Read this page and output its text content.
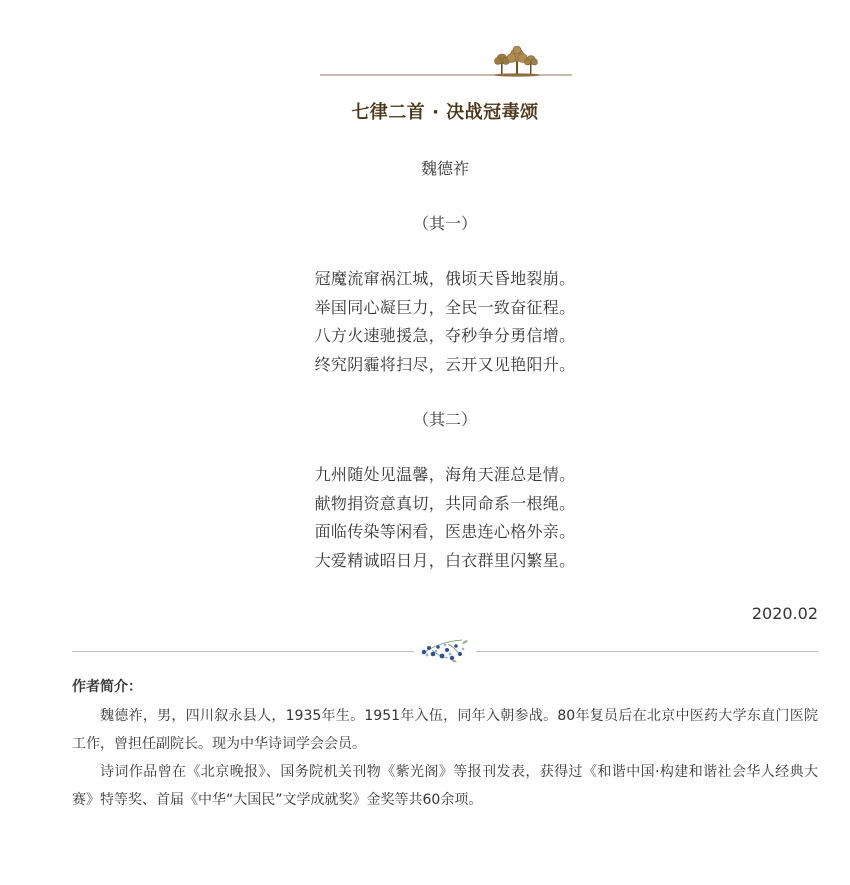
七律二首 · 决战冠毒颂
魏德祚
（其一）
冠魔流窜祸江城，俄顷天昏地裂崩。
举国同心凝巨力，全民一致奋征程。
八方火速驰援急，夺秒争分勇信增。
终究阴霾将扫尽，云开又见艳阳升。
（其二）
九州随处见温馨，海角天涯总是情。
献物捐资意真切，共同命系一根绳。
面临传染等闲看，医患连心格外亲。
大爱精诚昭日月，白衣群里闪繁星。
2020.02
作者简介：

魏德祚，男，四川叙永县人，1935年生。1951年入伍，同年入朝参战。80年复员后在北京中医药大学东直门医院工作，曾担任副院长。现为中华诗词学会会员。

诗词作品曾在《北京晚报》、国务院机关刊物《紫光阁》等报刊发表，获得过《和谐中国·构建和谐社会华人经典大赛》特等奖、首届《中华“大国民”文学成就奖》金奖等共60余项。
